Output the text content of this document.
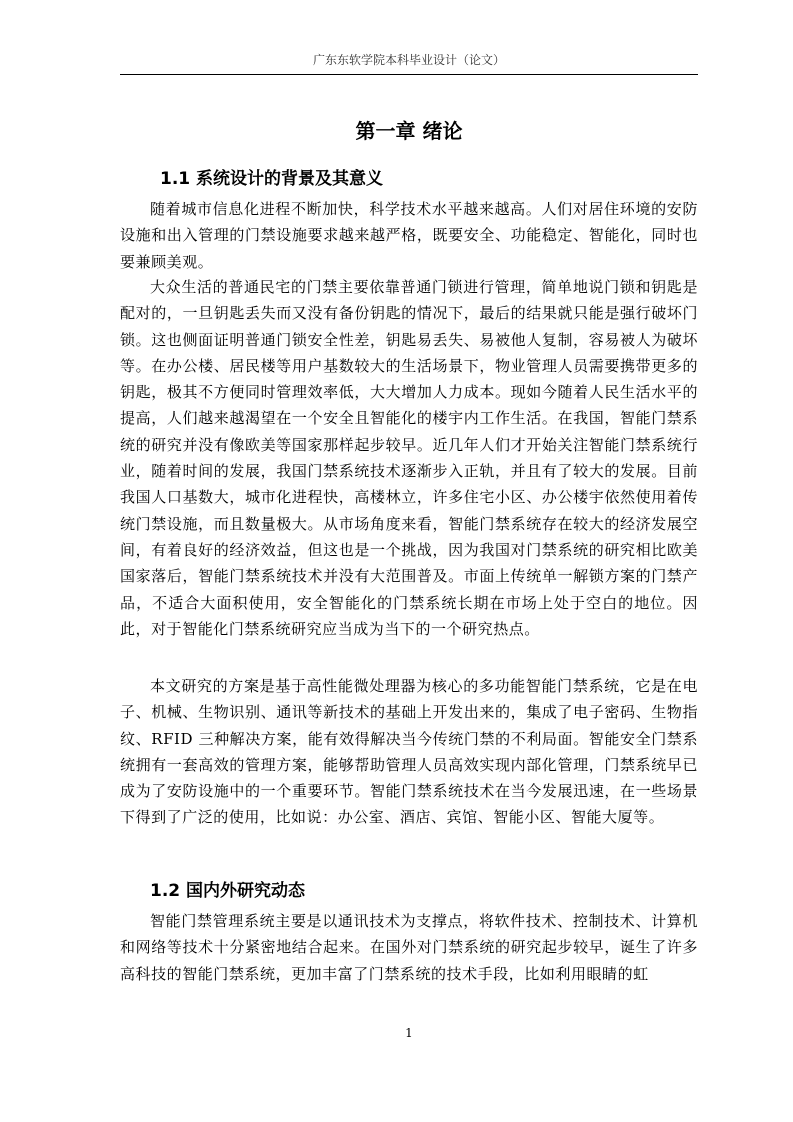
广东东软学院本科毕业设计（论文）
第一章 绪论
1.1 系统设计的背景及其意义

随着城市信息化进程不断加快，科学技术水平越来越高。人们对居住环境的安防设施和出入管理的门禁设施要求越来越严格，既要安全、功能稳定、智能化，同时也要兼顾美观。

大众生活的普通民宅的门禁主要依靠普通门锁进行管理，简单地说门锁和钥匙是配对的，一旦钥匙丢失而又没有备份钥匙的情况下，最后的结果就只能是强行破坏门锁。这也侧面证明普通门锁安全性差，钥匙易丢失、易被他人复制，容易被人为破坏等。在办公楼、居民楼等用户基数较大的生活场景下，物业管理人员需要携带更多的钥匙，极其不方便同时管理效率低，大大增加人力成本。现如今随着人民生活水平的提高，人们越来越渴望在一个安全且智能化的楼宇内工作生活。在我国，智能门禁系统的研究并没有像欧美等国家那样起步较早。近几年人们才开始关注智能门禁系统行业，随着时间的发展，我国门禁系统技术逐渐步入正轨，并且有了较大的发展。目前我国人口基数大，城市化进程快，高楼林立，许多住宅小区、办公楼宇依然使用着传统门禁设施，而且数量极大。从市场角度来看，智能门禁系统存在较大的经济发展空间，有着良好的经济效益，但这也是一个挑战，因为我国对门禁系统的研究相比欧美国家落后，智能门禁系统技术并没有大范围普及。市面上传统单一解锁方案的门禁产品，不适合大面积使用，安全智能化的门禁系统长期在市场上处于空白的地位。因此，对于智能化门禁系统研究应当成为当下的一个研究热点。

本文研究的方案是基于高性能微处理器为核心的多功能智能门禁系统，它是在电子、机械、生物识别、通讯等新技术的基础上开发出来的，集成了电子密码、生物指纹、RFID 三种解决方案，能有效得解决当今传统门禁的不利局面。智能安全门禁系统拥有一套高效的管理方案，能够帮助管理人员高效实现内部化管理，门禁系统早已成为了安防设施中的一个重要环节。智能门禁系统技术在当今发展迅速，在一些场景下得到了广泛的使用，比如说：办公室、酒店、宾馆、智能小区、智能大厦等。

1.2 国内外研究动态

智能门禁管理系统主要是以通讯技术为支撑点，将软件技术、控制技术、计算机和网络等技术十分紧密地结合起来。在国外对门禁系统的研究起步较早，诞生了许多高科技的智能门禁系统，更加丰富了门禁系统的技术手段，比如利用眼睛的虹

1
